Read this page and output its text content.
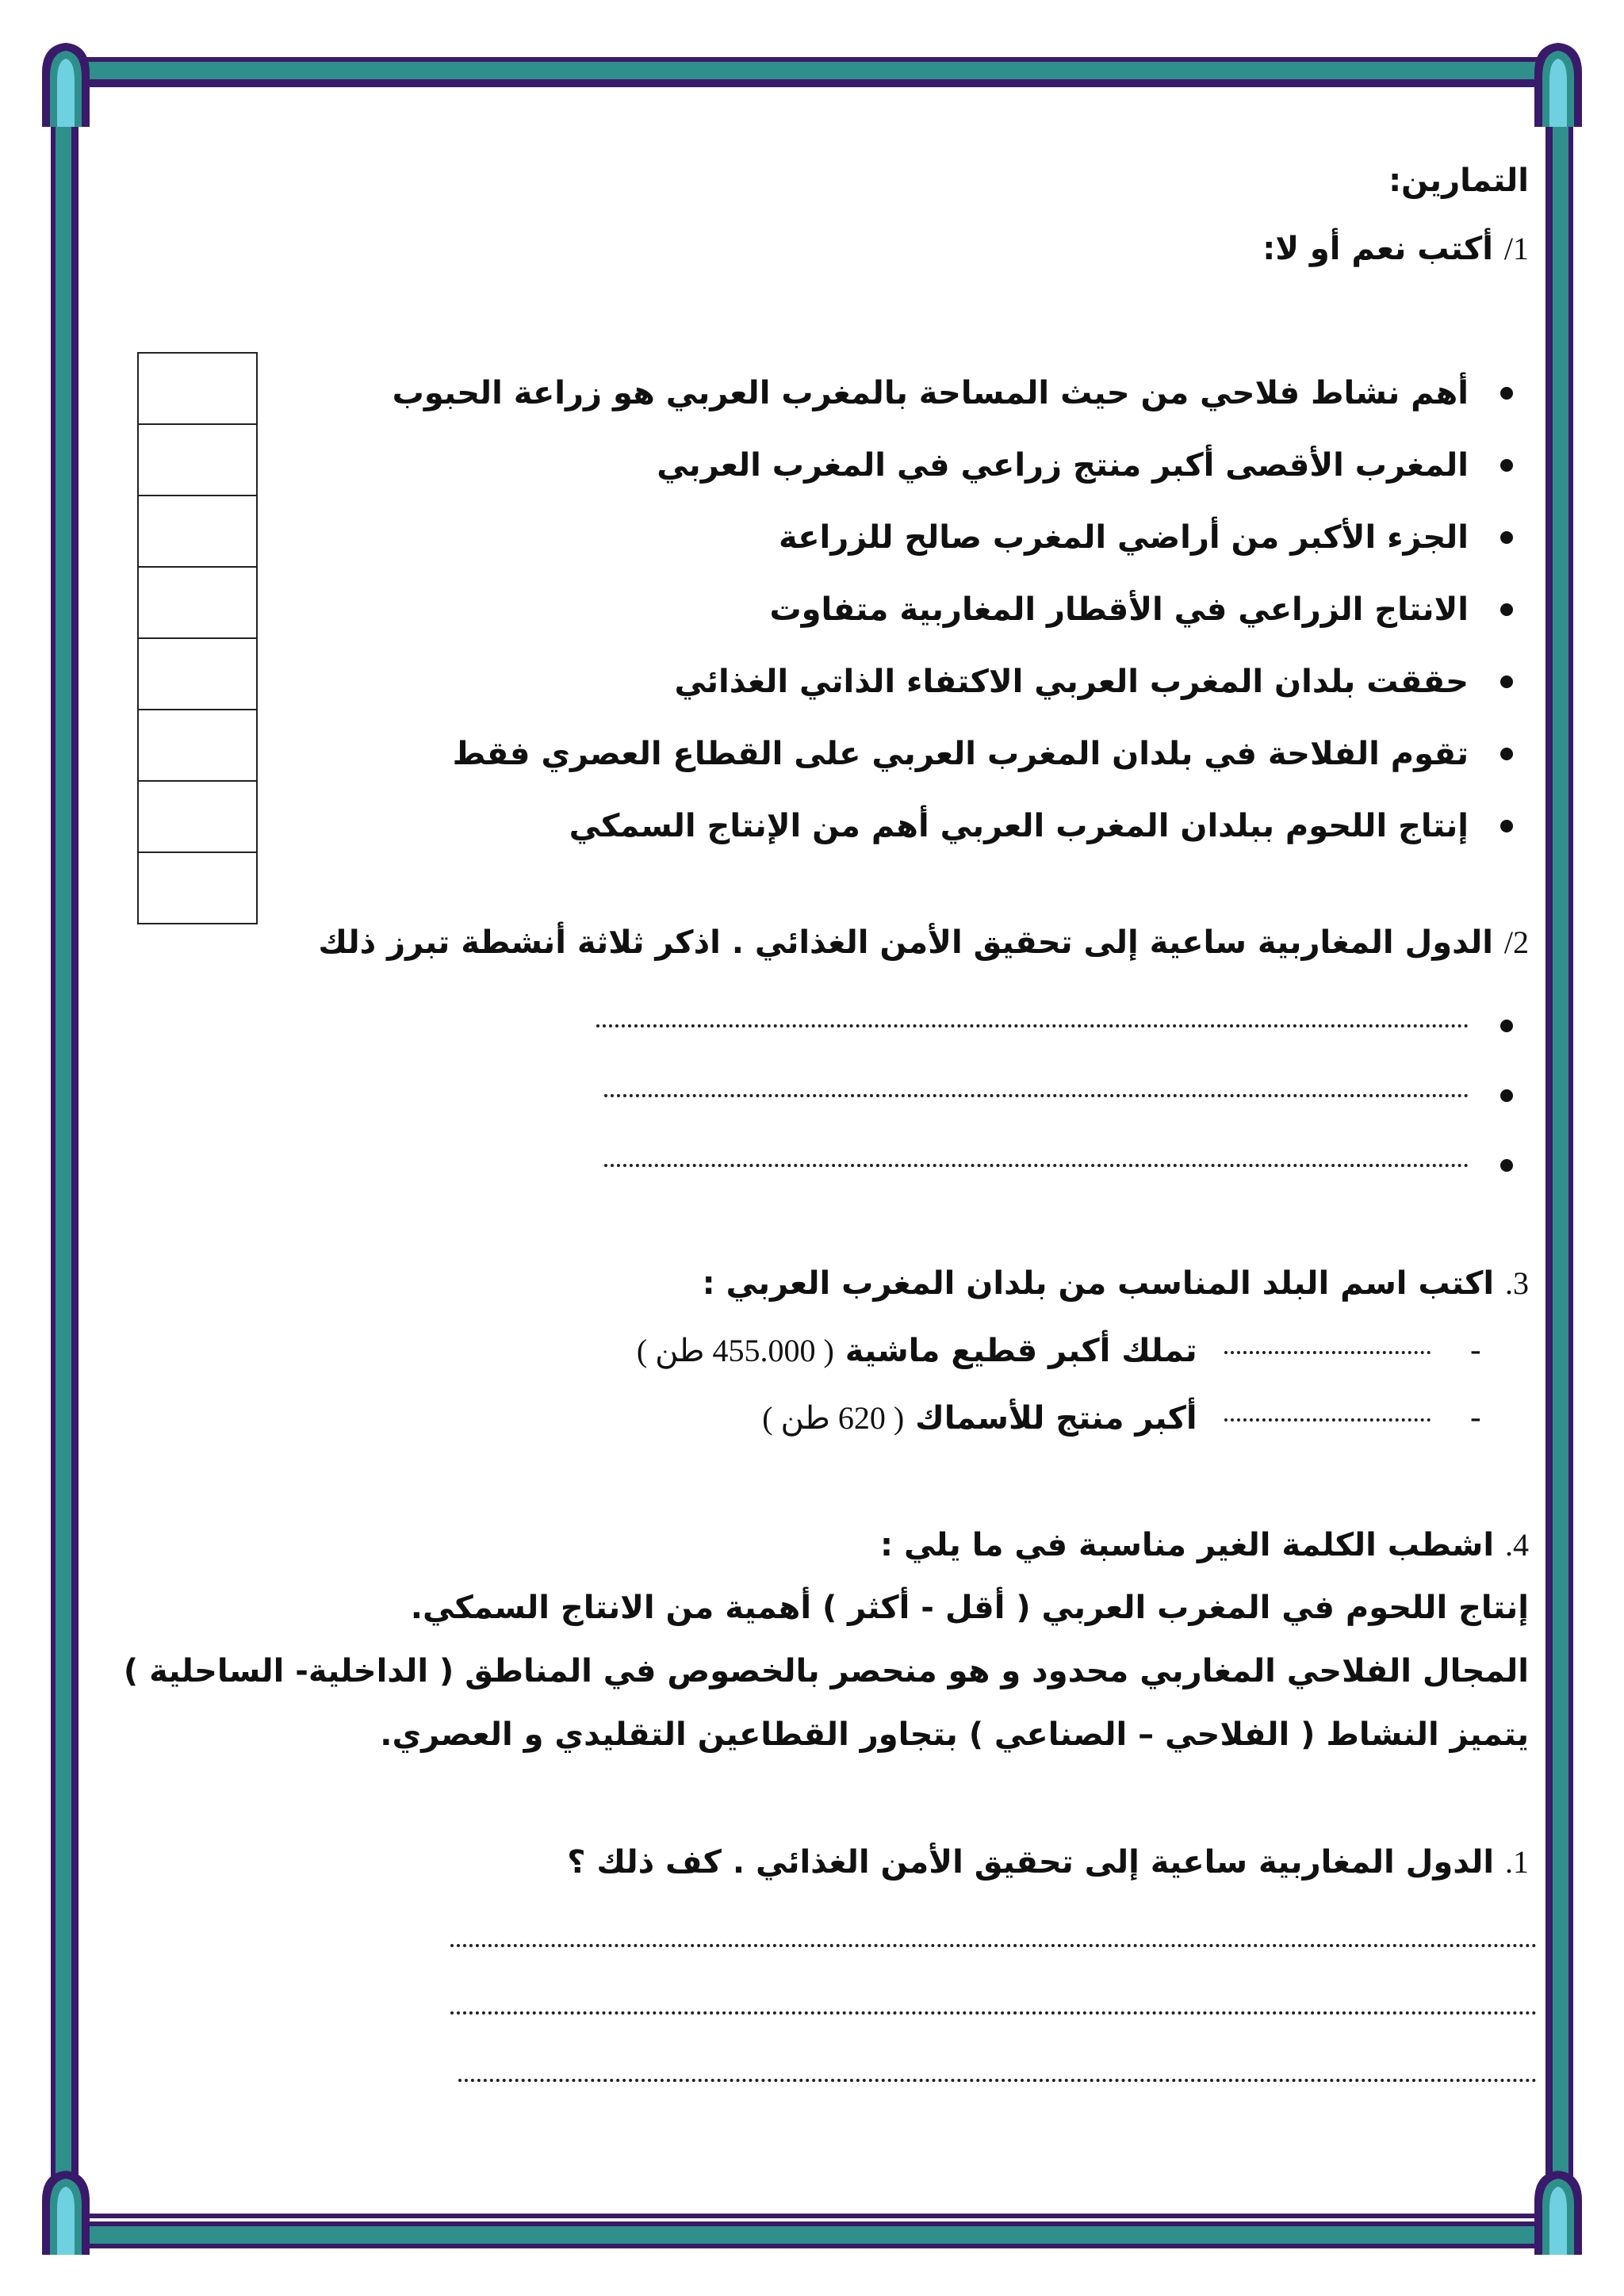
التمارين:
1/ أكتب نعم أو لا:
أهم نشاط فلاحي من حيث المساحة بالمغرب العربي هو زراعة الحبوب
المغرب الأقصى أكبر منتج زراعي في المغرب العربي
الجزء الأكبر من أراضي المغرب صالح للزراعة
الانتاج الزراعي في الأقطار المغاربية متفاوت
حققت بلدان المغرب العربي الاكتفاء الذاتي الغذائي
تقوم الفلاحة في بلدان المغرب العربي على القطاع العصري فقط
إنتاج اللحوم ببلدان المغرب العربي أهم من الإنتاج السمكي
2/ الدول المغاربية ساعية إلى تحقيق الأمن الغذائي . اذكر ثلاثة أنشطة تبرز ذلك
3. اكتب اسم البلد المناسب من بلدان المغرب العربي :
- تملك أكبر قطيع ماشية ( 455.000 طن )
- أكبر منتج للأسماك ( 620 طن )
4. اشطب الكلمة الغير مناسبة في ما يلي :
إنتاج اللحوم في المغرب العربي ( أقل - أكثر ) أهمية من الانتاج السمكي.
المجال الفلاحي المغاربي محدود و هو منحصر بالخصوص في المناطق ( الداخلية- الساحلية )
يتميز النشاط ( الفلاحي – الصناعي ) بتجاور القطاعين التقليدي و العصري.
1. الدول المغاربية ساعية إلى تحقيق الأمن الغذائي . كف ذلك ؟
